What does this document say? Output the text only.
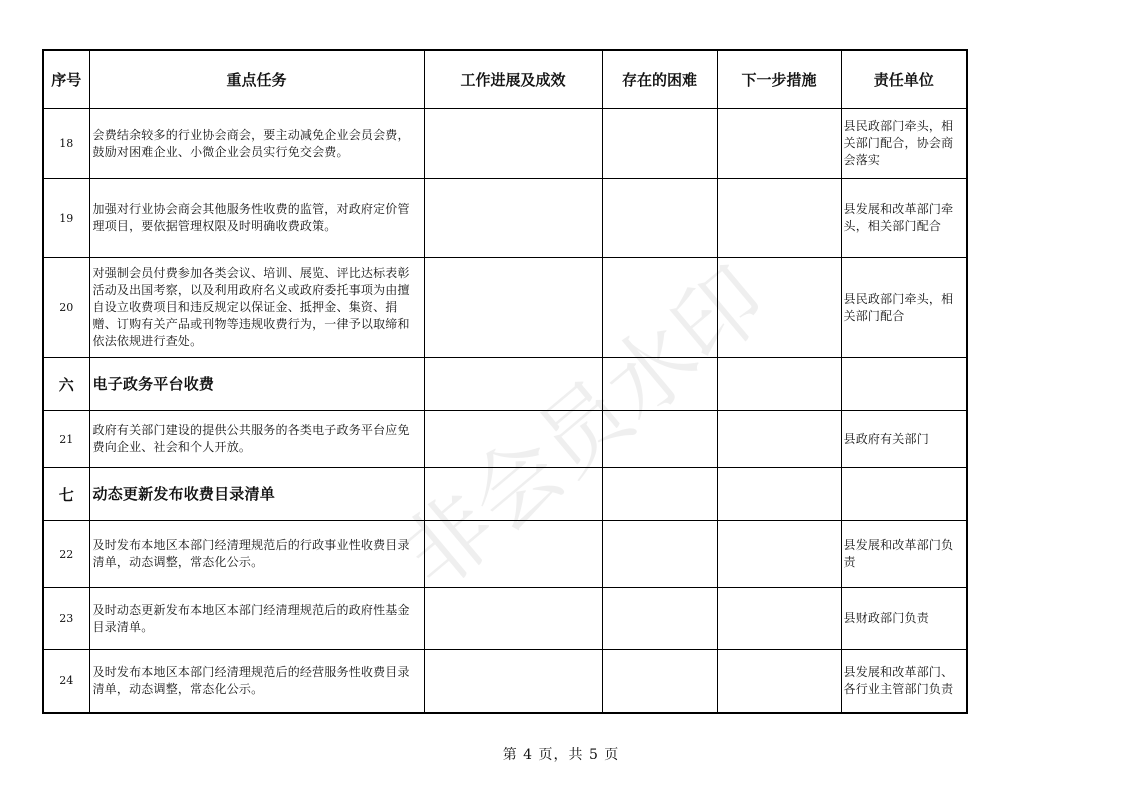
非会员水印
序号	重点任务	工作进展及成效	存在的困难	下一步措施	责任单位
18	会费结余较多的行业协会商会，要主动减免企业会员会费，鼓励对困难企业、小微企业会员实行免交会费。				县民政部门牵头，相关部门配合，协会商会落实
19	加强对行业协会商会其他服务性收费的监管，对政府定价管理项目，要依据管理权限及时明确收费政策。				县发展和改革部门牵头，相关部门配合
20	对强制会员付费参加各类会议、培训、展览、评比达标表彰活动及出国考察，以及利用政府名义或政府委托事项为由擅自设立收费项目和违反规定以保证金、抵押金、集资、捐赠、订购有关产品或刊物等违规收费行为，一律予以取缔和依法依规进行查处。				县民政部门牵头，相关部门配合
六	电子政务平台收费				
21	政府有关部门建设的提供公共服务的各类电子政务平台应免费向企业、社会和个人开放。				县政府有关部门
七	动态更新发布收费目录清单				
22	及时发布本地区本部门经清理规范后的行政事业性收费目录清单，动态调整，常态化公示。				县发展和改革部门负责
23	及时动态更新发布本地区本部门经清理规范后的政府性基金目录清单。				县财政部门负责
24	及时发布本地区本部门经清理规范后的经营服务性收费目录清单，动态调整，常态化公示。				县发展和改革部门、各行业主管部门负责
第 4 页，共 5 页
